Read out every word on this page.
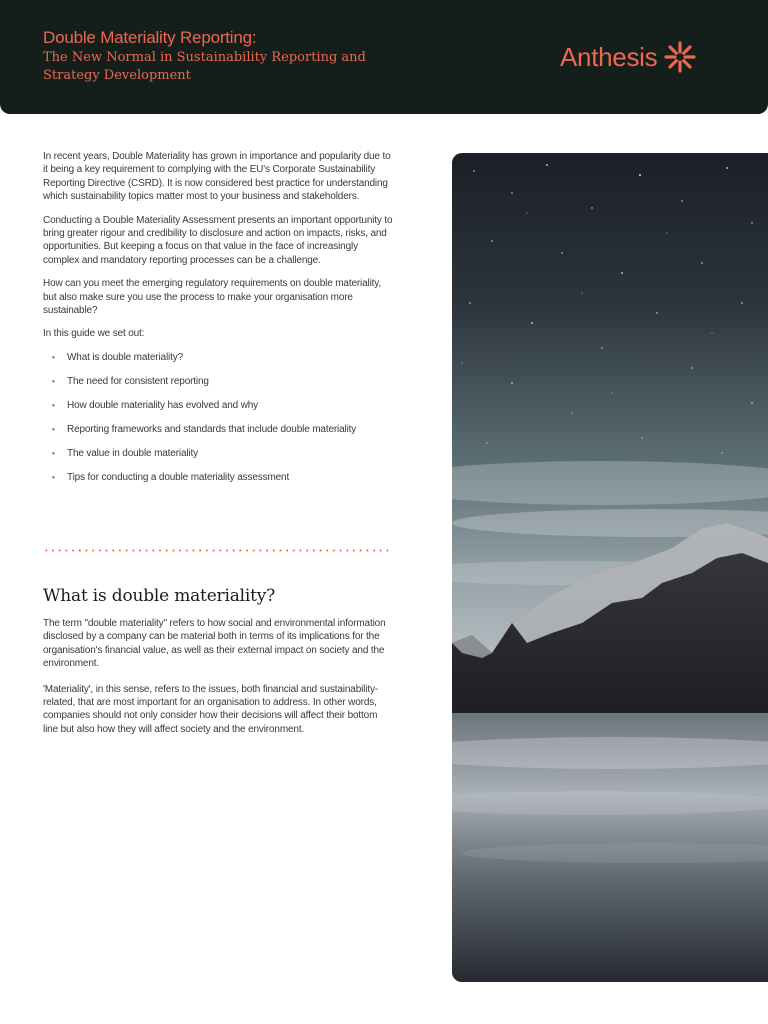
Double Materiality Reporting:
The New Normal in Sustainability Reporting and Strategy Development
Anthesis

In recent years, Double Materiality has grown in importance and popularity due to it being a key requirement to complying with the EU's Corporate Sustainability Reporting Directive (CSRD). It is now considered best practice for understanding which sustainability topics matter most to your business and stakeholders.

Conducting a Double Materiality Assessment presents an important opportunity to bring greater rigour and credibility to disclosure and action on impacts, risks, and opportunities. But keeping a focus on that value in the face of increasingly complex and mandatory reporting processes can be a challenge.

How can you meet the emerging regulatory requirements on double materiality, but also make sure you use the process to make your organisation more sustainable?

In this guide we set out:

• What is double materiality?
• The need for consistent reporting
• How double materiality has evolved and why
• Reporting frameworks and standards that include double materiality
• The value in double materiality
• Tips for conducting a double materiality assessment
What is double materiality?

The term "double materiality" refers to how social and environmental information disclosed by a company can be material both in terms of its implications for the organisation's financial value, as well as their external impact on society and the environment.

'Materiality', in this sense, refers to the issues, both financial and sustainability-related, that are most important for an organisation to address. In other words, companies should not only consider how their decisions will affect their bottom line but also how they will affect society and the environment.
